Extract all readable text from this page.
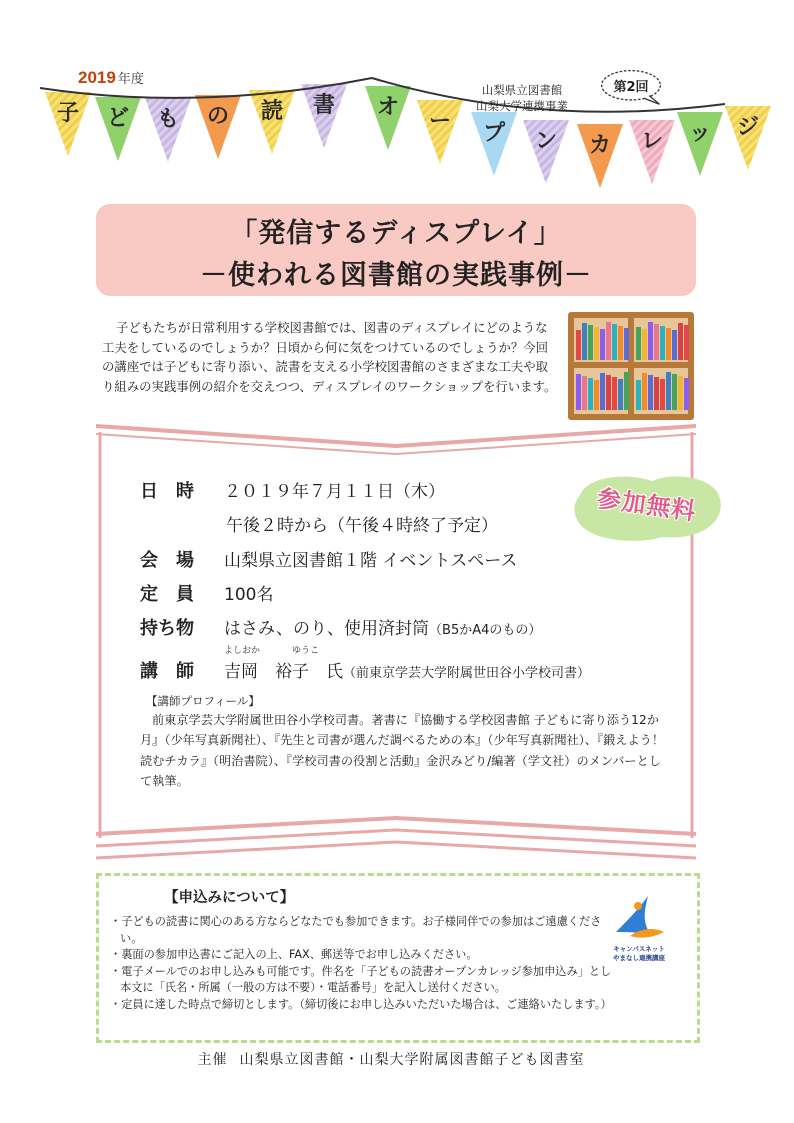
子 ど も の 読 書 オ
ー プ ン カ レ ッ ジ
2019 年度
山梨県立図書館
山梨大学連携事業
第2回
「発信するディスプレイ」
－使われる図書館の実践事例－
子どもたちが日常利用する学校図書館では、図書のディスプレイにどのような工夫をしているのでしょうか？日頃から何に気をつけているのでしょうか？今回の講座では子どもに寄り添い、読書を支える小学校図書館のさまざまな工夫や取り組みの実践事例の紹介を交えつつ、ディスプレイのワークショップを行います。
日　時 ２０１９年７月１１日（木）
午後２時から（午後４時終了予定）
会　場 山梨県立図書館１階 イベントスペース
定　員 100名
持ち物 はさみ、のり、使用済封筒（B5かA4のもの）
よしおか	ゆうこ
講　師 吉岡　裕子　氏（前東京学芸大学附属世田谷小学校司書）
参加無料
【講師プロフィール】
前東京学芸大学附属世田谷小学校司書。著書に『協働する学校図書館 子どもに寄り添う12か月』（少年写真新聞社）、『先生と司書が選んだ調べるための本』（少年写真新聞社）、『鍛えよう！読むチカラ』（明治書院）、『学校司書の役割と活動』金沢みどり/編著（学文社）のメンバーとして執筆。
【申込みについて】
・子どもの読書に関心のある方ならどなたでも参加できます。お子様同伴での参加はご遠慮ください。
・裏面の参加申込書にご記入の上、FAX、郵送等でお申し込みください。
・電子メールでのお申し込みも可能です。件名を「子どもの読書オープンカレッジ参加申込み」とし本文に「氏名・所属（一般の方は不要）・電話番号」を記入し送付ください。
・定員に達した時点で締切とします。（締切後にお申し込みいただいた場合は、ご連絡いたします。）
キャンパスネット
やまなし連携講座
主催 山梨県立図書館・山梨大学附属図書館子ども図書室
